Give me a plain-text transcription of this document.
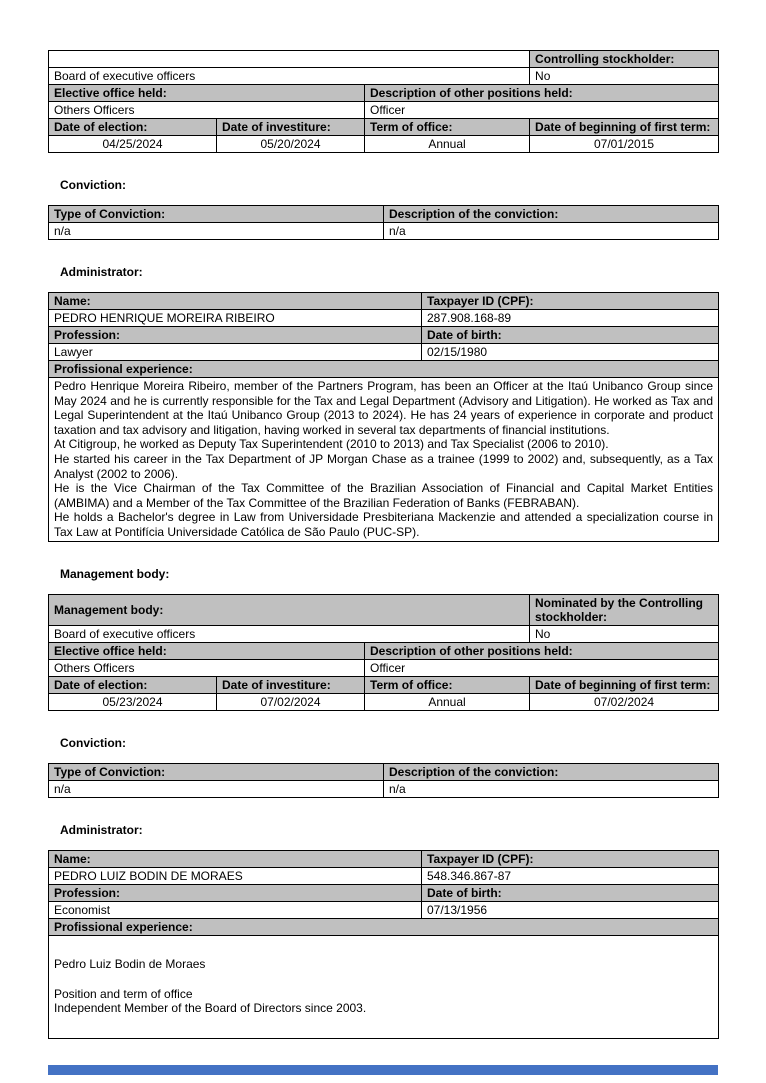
			Controlling stockholder:
Board of executive officers			No
Elective office held:		Description of other positions held:	
Others Officers		Officer	
Date of election:	Date of investiture:	Term of office:	Date of beginning of first term:
04/25/2024	05/20/2024	Annual	07/01/2015
Conviction:
Type of Conviction:	Description of the conviction:
n/a	n/a
Administrator:
Name:	Taxpayer ID (CPF):
PEDRO HENRIQUE MOREIRA RIBEIRO	287.908.168-89
Profession:	Date of birth:
Lawyer	02/15/1980
Profissional experience:	

Pedro Henrique Moreira Ribeiro, member of the Partners Program, has been an Officer at the Itaú Unibanco Group since May 2024 and he is currently responsible for the Tax and Legal Department (Advisory and Litigation). He worked as Tax and Legal Superintendent at the Itaú Unibanco Group (2013 to 2024). He has 24 years of experience in corporate and product taxation and tax advisory and litigation, having worked in several tax departments of financial institutions.

At Citigroup, he worked as Deputy Tax Superintendent (2010 to 2013) and Tax Specialist (2006 to 2010).

He started his career in the Tax Department of JP Morgan Chase as a trainee (1999 to 2002) and, subsequently, as a Tax Analyst (2002 to 2006).

He is the Vice Chairman of the Tax Committee of the Brazilian Association of Financial and Capital Market Entities (AMBIMA) and a Member of the Tax Committee of the Brazilian Federation of Banks (FEBRABAN).

He holds a Bachelor's degree in Law from Universidade Presbiteriana Mackenzie and attended a specialization course in Tax Law at Pontifícia Universidade Católica de São Paulo (PUC-SP).	

Management body:
Management body:			Nominated by the Controlling stockholder:
Board of executive officers			No
Elective office held:		Description of other positions held:	
Others Officers		Officer	
Date of election:	Date of investiture:	Term of office:	Date of beginning of first term:
05/23/2024	07/02/2024	Annual	07/02/2024
Conviction:
Type of Conviction:	Description of the conviction:
n/a	n/a
Administrator:
Name:	Taxpayer ID (CPF):
PEDRO LUIZ BODIN DE MORAES	548.346.867-87
Profession:	Date of birth:
Economist	07/13/1956
Profissional experience:	

Pedro Luiz Bodin de Moraes

Position and term of office

Independent Member of the Board of Directors since 2003.	
